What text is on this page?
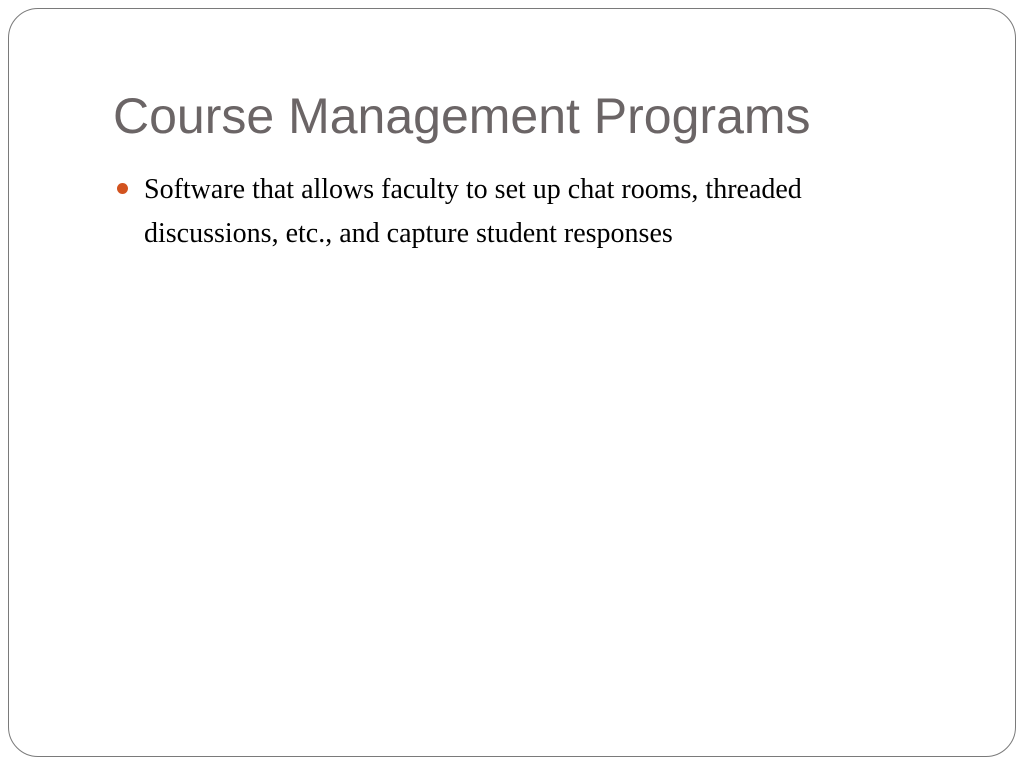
Course Management Programs
Software that allows faculty to set up chat rooms, threaded discussions, etc., and capture student responses
